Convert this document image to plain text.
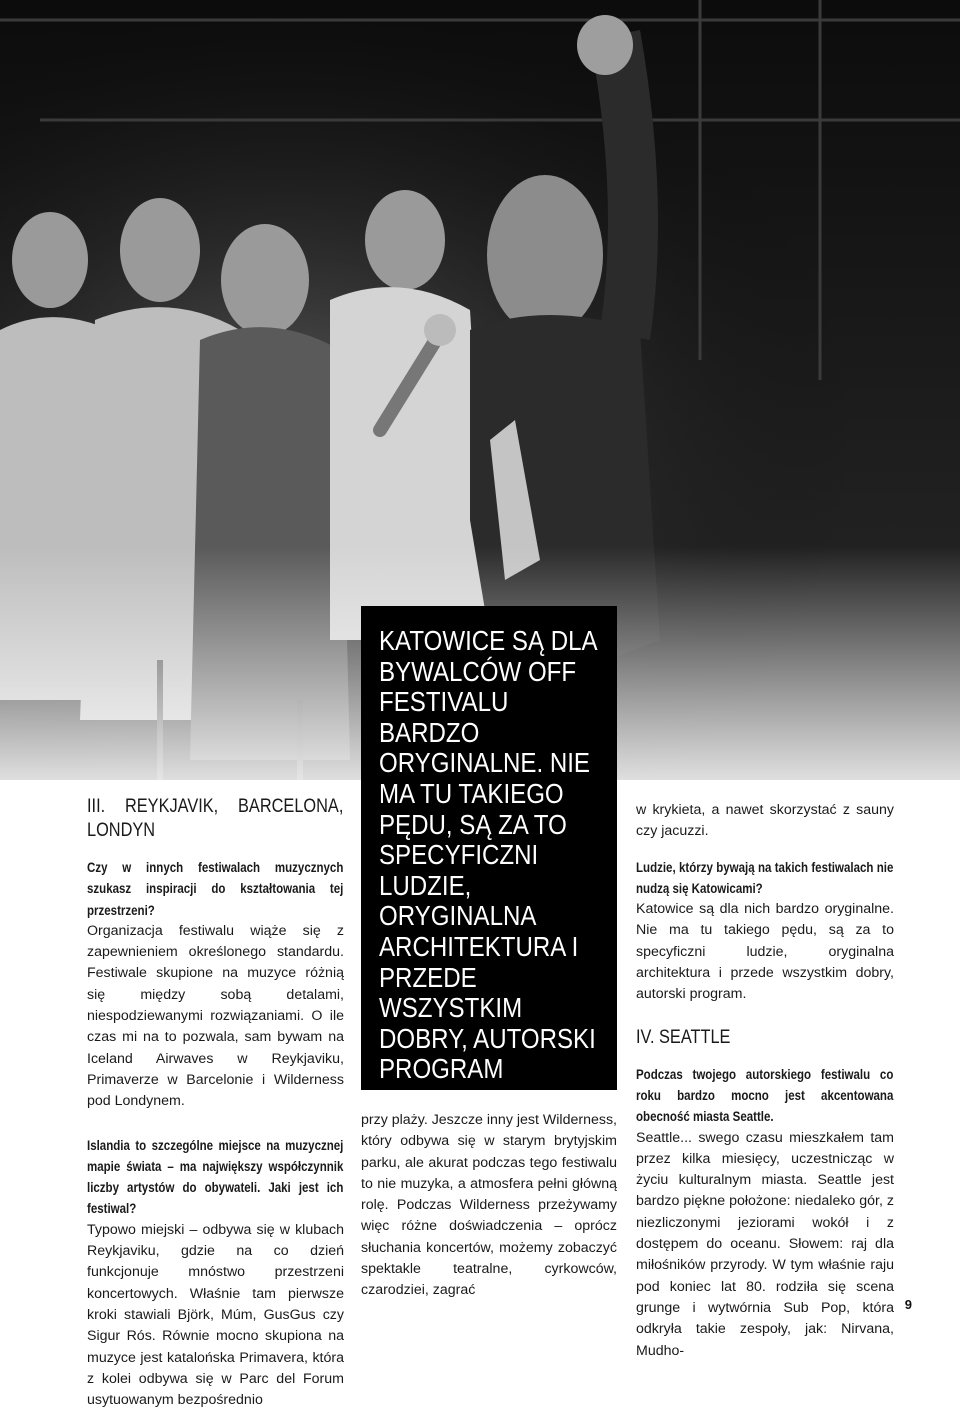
KATOWICE SĄ DLA BYWALCÓW OFF FESTIVALU BARDZO ORYGINALNE. NIE MA TU TAKIEGO PĘDU, SĄ ZA TO SPECYFICZNI LUDZIE, ORYGINALNA ARCHITEKTURA I PRZEDE WSZYSTKIM DOBRY, AUTORSKI PROGRAM

III. REYKJAVIK, BARCELONA, LONDYN

Czy w innych festiwalach muzycznych szukasz inspiracji do kształtowania tej przestrzeni?

Organizacja festiwalu wiąże się z zapewnieniem określonego standardu. Festiwale skupione na muzyce różnią się między sobą detalami, niespodziewanymi rozwiązaniami. O ile czas mi na to pozwala, sam bywam na Iceland Airwaves w Reykjaviku, Primaverze w Barcelonie i Wilderness pod Londynem.

Islandia to szczególne miejsce na muzycznej mapie świata – ma największy współczynnik liczby artystów do obywateli. Jaki jest ich festiwal?

Typowo miejski – odbywa się w klubach Reykjaviku, gdzie na co dzień funkcjonuje mnóstwo przestrzeni koncertowych. Właśnie tam pierwsze kroki stawiali Björk, Múm, GusGus czy Sigur Rós. Równie mocno skupiona na muzyce jest katalońska Primavera, która z kolei odbywa się w Parc del Forum usytuowanym bezpośrednio

przy plaży. Jeszcze inny jest Wilderness, który odbywa się w starym brytyjskim parku, ale akurat podczas tego festiwalu to nie muzyka, a atmosfera pełni główną rolę. Podczas Wilderness przeżywamy więc różne doświadczenia – oprócz słuchania koncertów, możemy zobaczyć spektakle teatralne, cyrkowców, czarodziei, zagrać

w krykieta, a nawet skorzystać z sauny czy jacuzzi.

Ludzie, którzy bywają na takich festiwalach nie nudzą się Katowicami?

Katowice są dla nich bardzo oryginalne. Nie ma tu takiego pędu, są za to specyficzni ludzie, oryginalna architektura i przede wszystkim dobry, autorski program.

IV. SEATTLE

Podczas twojego autorskiego festiwalu co roku bardzo mocno jest akcentowana obecność miasta Seattle.

Seattle... swego czasu mieszkałem tam przez kilka miesięcy, uczestnicząc w życiu kulturalnym miasta. Seattle jest bardzo piękne położone: niedaleko gór, z niezliczonymi jeziorami wokół i z dostępem do oceanu. Słowem: raj dla miłośników przyrody. W tym właśnie raju pod koniec lat 80. rodziła się scena grunge i wytwórnia Sub Pop, która odkryła takie zespoły, jak: Nirvana, Mudho-

9
